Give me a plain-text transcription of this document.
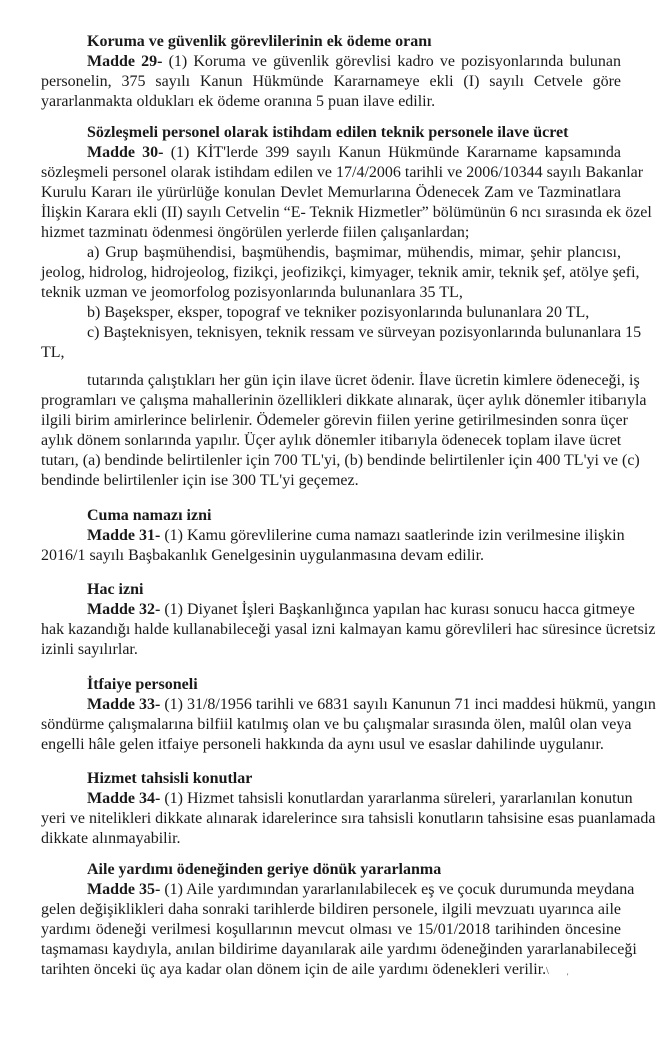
Koruma ve güvenlik görevlilerinin ek ödeme oranı
Madde 29- (1) Koruma ve güvenlik görevlisi kadro ve pozisyonlarında bulunan
personelin, 375 sayılı Kanun Hükmünde Kararnameye ekli (I) sayılı Cetvele göre
yararlanmakta oldukları ek ödeme oranına 5 puan ilave edilir.
Sözleşmeli personel olarak istihdam edilen teknik personele ilave ücret
Madde 30- (1) KİT'lerde 399 sayılı Kanun Hükmünde Kararname kapsamında
sözleşmeli personel olarak istihdam edilen ve 17/4/2006 tarihli ve 2006/10344 sayılı Bakanlar
Kurulu Kararı ile yürürlüğe konulan Devlet Memurlarına Ödenecek Zam ve Tazminatlara
İlişkin Karara ekli (II) sayılı Cetvelin “E- Teknik Hizmetler” bölümünün 6 ncı sırasında ek özel
hizmet tazminatı ödenmesi öngörülen yerlerde fiilen çalışanlardan;
a) Grup başmühendisi, başmühendis, başmimar, mühendis, mimar, şehir plancısı,
jeolog, hidrolog, hidrojeolog, fizikçi, jeofizikçi, kimyager, teknik amir, teknik şef, atölye şefi,
teknik uzman ve jeomorfolog pozisyonlarında bulunanlara 35 TL,
b) Başeksper, eksper, topograf ve tekniker pozisyonlarında bulunanlara 20 TL,
c) Başteknisyen, teknisyen, teknik ressam ve sürveyan pozisyonlarında bulunanlara 15
TL,
tutarında çalıştıkları her gün için ilave ücret ödenir. İlave ücretin kimlere ödeneceği, iş
programları ve çalışma mahallerinin özellikleri dikkate alınarak, üçer aylık dönemler itibarıyla
ilgili birim amirlerince belirlenir. Ödemeler görevin fiilen yerine getirilmesinden sonra üçer
aylık dönem sonlarında yapılır. Üçer aylık dönemler itibarıyla ödenecek toplam ilave ücret
tutarı, (a) bendinde belirtilenler için 700 TL'yi, (b) bendinde belirtilenler için 400 TL'yi ve (c)
bendinde belirtilenler için ise 300 TL'yi geçemez.
Cuma namazı izni
Madde 31- (1) Kamu görevlilerine cuma namazı saatlerinde izin verilmesine ilişkin
2016/1 sayılı Başbakanlık Genelgesinin uygulanmasına devam edilir.
Hac izni
Madde 32- (1) Diyanet İşleri Başkanlığınca yapılan hac kurası sonucu hacca gitmeye
hak kazandığı halde kullanabileceği yasal izni kalmayan kamu görevlileri hac süresince ücretsiz
izinli sayılırlar.
İtfaiye personeli
Madde 33- (1) 31/8/1956 tarihli ve 6831 sayılı Kanunun 71 inci maddesi hükmü, yangın
söndürme çalışmalarına bilfiil katılmış olan ve bu çalışmalar sırasında ölen, malûl olan veya
engelli hâle gelen itfaiye personeli hakkında da aynı usul ve esaslar dahilinde uygulanır.
Hizmet tahsisli konutlar
Madde 34- (1) Hizmet tahsisli konutlardan yararlanma süreleri, yararlanılan konutun
yeri ve nitelikleri dikkate alınarak idarelerince sıra tahsisli konutların tahsisine esas puanlamada
dikkate alınmayabilir.
Aile yardımı ödeneğinden geriye dönük yararlanma
Madde 35- (1) Aile yardımından yararlanılabilecek eş ve çocuk durumunda meydana
gelen değişiklikleri daha sonraki tarihlerde bildiren personele, ilgili mevzuatı uyarınca aile
yardımı ödeneği verilmesi koşullarının mevcut olması ve 15/01/2018 tarihinden öncesine
taşmaması kaydıyla, anılan bildirime dayanılarak aile yardımı ödeneğinden yararlanabileceği
tarihten önceki üç aya kadar olan dönem için de aile yardımı ödenekleri verilir. \ '
